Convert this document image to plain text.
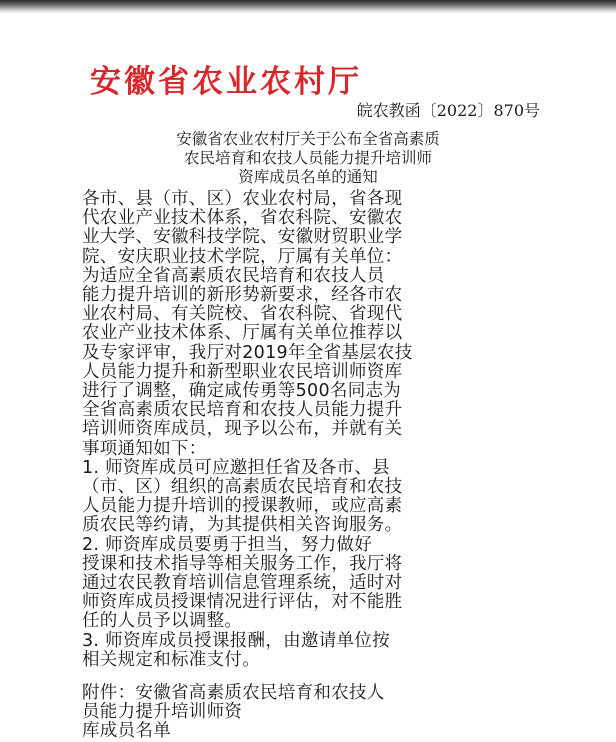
安徽省农业农村厅
皖农教函〔2022〕870号
安徽省农业农村厅关于公布全省高素质
农民培育和农技人员能力提升培训师
资库成员名单的通知
各市、县（市、区）农业农村局，省各现
代农业产业技术体系，省农科院、安徽农
业大学、安徽科技学院、安徽财贸职业学
院、安庆职业技术学院，厅属有关单位：
为适应全省高素质农民培育和农技人员
能力提升培训的新形势新要求，经各市农
业农村局、有关院校、省农科院、省现代
农业产业技术体系、厅属有关单位推荐以
及专家评审，我厅对2019年全省基层农技
人员能力提升和新型职业农民培训师资库
进行了调整，确定咸传勇等500名同志为
全省高素质农民培育和农技人员能力提升
培训师资库成员，现予以公布，并就有关
事项通知如下：
1. 师资库成员可应邀担任省及各市、县
（市、区）组织的高素质农民培育和农技
人员能力提升培训的授课教师，或应高素
质农民等约请，为其提供相关咨询服务。
2. 师资库成员要勇于担当，努力做好
授课和技术指导等相关服务工作，我厅将
通过农民教育培训信息管理系统，适时对
师资库成员授课情况进行评估，对不能胜
任的人员予以调整。
3. 师资库成员授课报酬，由邀请单位按
相关规定和标准支付。
附件：安徽省高素质农民培育和农技人
员能力提升培训师资
库成员名单
